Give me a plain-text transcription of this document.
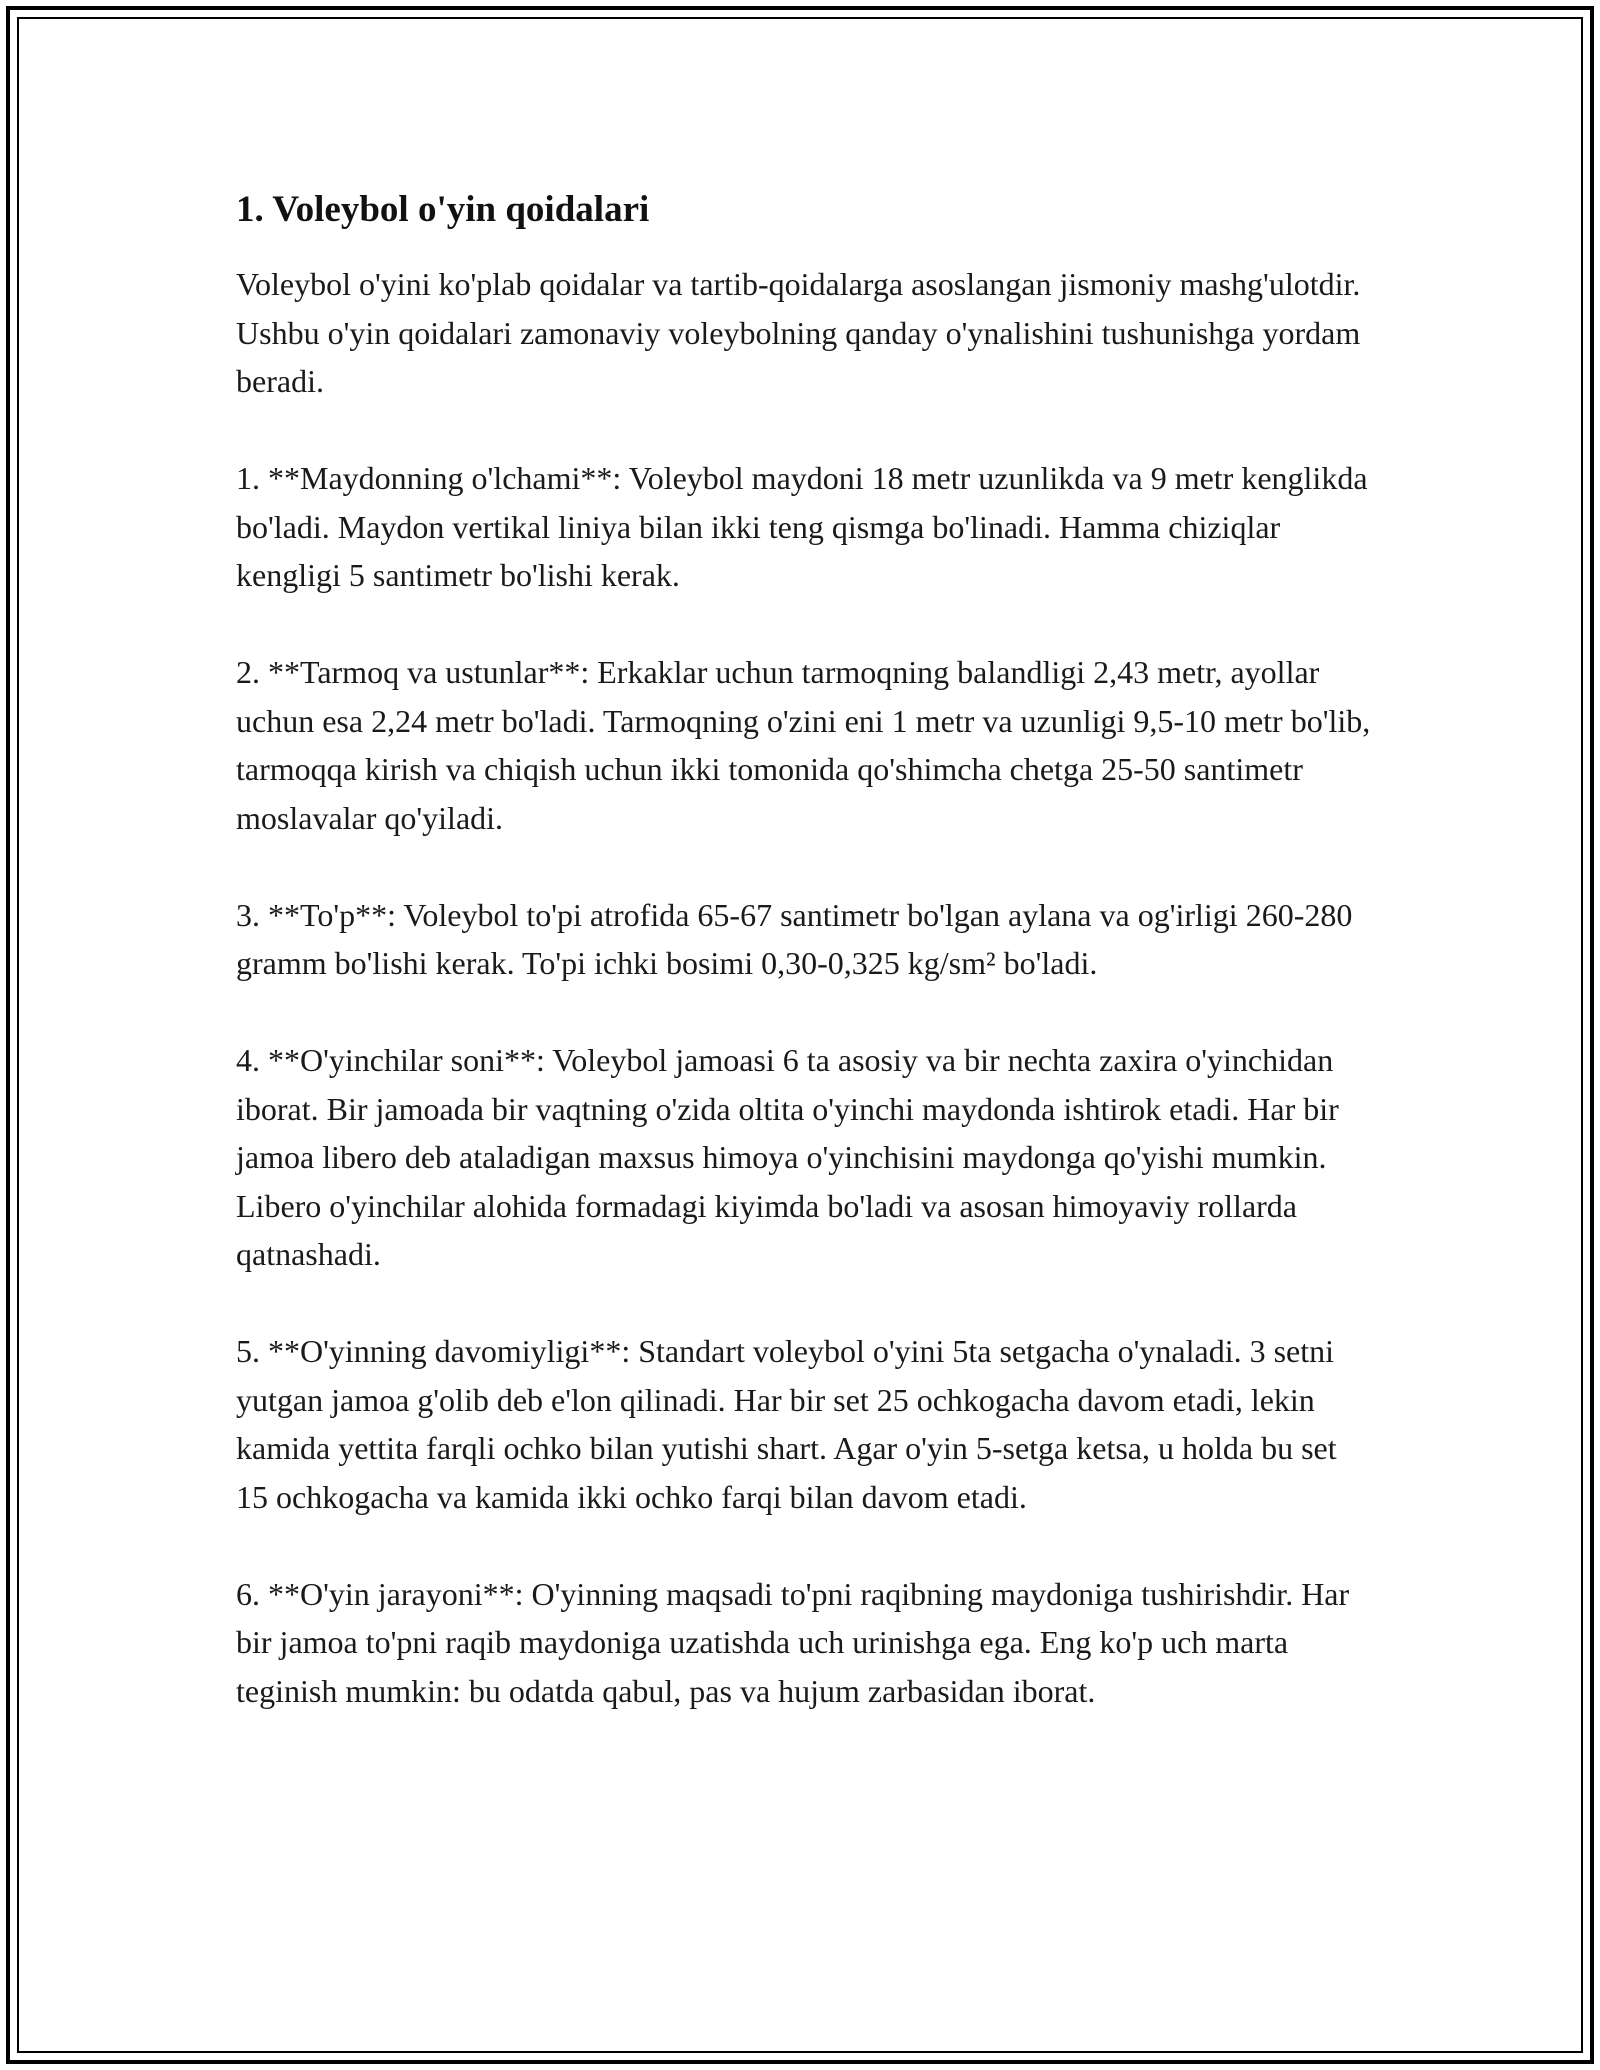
1. Voleybol o'yin qoidalari

Voleybol o'yini ko'plab qoidalar va tartib-qoidalarga asoslangan jismoniy mashg'ulotdir. Ushbu o'yin qoidalari zamonaviy voleybolning qanday o'ynalishini tushunishga yordam beradi.

1. **Maydonning o'lchami**: Voleybol maydoni 18 metr uzunlikda va 9 metr kenglikda bo'ladi. Maydon vertikal liniya bilan ikki teng qismga bo'linadi. Hamma chiziqlar kengligi 5 santimetr bo'lishi kerak.

2. **Tarmoq va ustunlar**: Erkaklar uchun tarmoqning balandligi 2,43 metr, ayollar uchun esa 2,24 metr bo'ladi. Tarmoqning o'zini eni 1 metr va uzunligi 9,5-10 metr bo'lib, tarmoqqa kirish va chiqish uchun ikki tomonida qo'shimcha chetga 25-50 santimetr moslavalar qo'yiladi.

3. **To'p**: Voleybol to'pi atrofida 65-67 santimetr bo'lgan aylana va og'irligi 260-280 gramm bo'lishi kerak. To'pi ichki bosimi 0,30-0,325 kg/sm² bo'ladi.

4. **O'yinchilar soni**: Voleybol jamoasi 6 ta asosiy va bir nechta zaxira o'yinchidan iborat. Bir jamoada bir vaqtning o'zida oltita o'yinchi maydonda ishtirok etadi. Har bir jamoa libero deb ataladigan maxsus himoya o'yinchisini maydonga qo'yishi mumkin. Libero o'yinchilar alohida formadagi kiyimda bo'ladi va asosan himoyaviy rollarda qatnashadi.

5. **O'yinning davomiyligi**: Standart voleybol o'yini 5ta setgacha o'ynaladi. 3 setni yutgan jamoa g'olib deb e'lon qilinadi. Har bir set 25 ochkogacha davom etadi, lekin kamida yettita farqli ochko bilan yutishi shart. Agar o'yin 5-setga ketsa, u holda bu set 15 ochkogacha va kamida ikki ochko farqi bilan davom etadi.

6. **O'yin jarayoni**: O'yinning maqsadi to'pni raqibning maydoniga tushirishdir. Har bir jamoa to'pni raqib maydoniga uzatishda uch urinishga ega. Eng ko'p uch marta teginish mumkin: bu odatda qabul, pas va hujum zarbasidan iborat.
